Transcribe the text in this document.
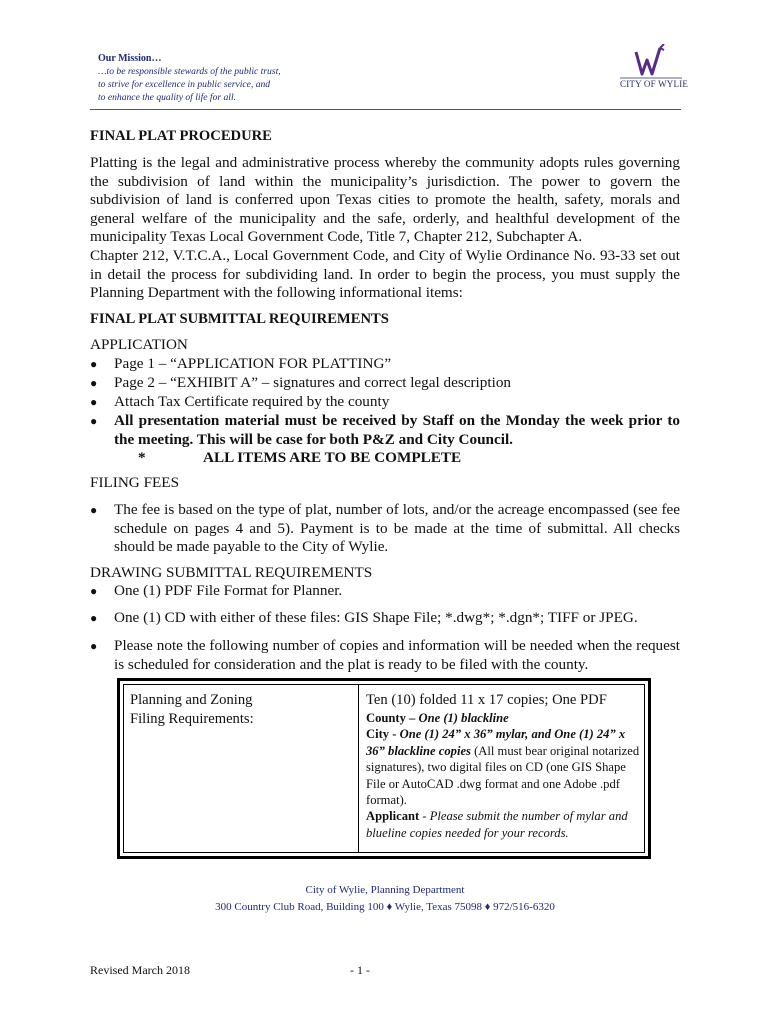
Our Mission…
…to be responsible stewards of the public trust,
to strive for excellence in public service, and
to enhance the quality of life for all.
CITY OF WYLIE
FINAL PLAT PROCEDURE
Platting is the legal and administrative process whereby the community adopts rules governing the subdivision of land within the municipality’s jurisdiction. The power to govern the subdivision of land is conferred upon Texas cities to promote the health, safety, morals and general welfare of the municipality and the safe, orderly, and healthful development of the municipality Texas Local Government Code, Title 7, Chapter 212, Subchapter A.
Chapter 212, V.T.C.A., Local Government Code, and City of Wylie Ordinance No. 93-33 set out in detail the process for subdividing land. In order to begin the process, you must supply the Planning Department with the following informational items:
FINAL PLAT SUBMITTAL REQUIREMENTS
APPLICATION
●	Page 1 – “APPLICATION FOR PLATTING”
●	Page 2 – “EXHIBIT A” – signatures and correct legal description
●	Attach Tax Certificate required by the county
●	All presentation material must be received by Staff on the Monday the week prior to the meeting. This will be case for both P&Z and City Council.
*	ALL ITEMS ARE TO BE COMPLETE
FILING FEES
●	The fee is based on the type of plat, number of lots, and/or the acreage encompassed (see fee schedule on pages 4 and 5). Payment is to be made at the time of submittal. All checks should be made payable to the City of Wylie.
DRAWING SUBMITTAL REQUIREMENTS
●	One (1) PDF File Format for Planner.
●	One (1) CD with either of these files: GIS Shape File; *.dwg*; *.dgn*; TIFF or JPEG.
●	Please note the following number of copies and information will be needed when the request is scheduled for consideration and the plat is ready to be filed with the county.
Planning and Zoning
Filing Requirements:
Ten (10) folded 11 x 17 copies; One PDF
County – One (1) blackline
City - One (1) 24” x 36” mylar, and One (1) 24” x 36” blackline copies (All must bear original notarized signatures), two digital files on CD (one GIS Shape File or AutoCAD .dwg format and one Adobe .pdf format).
Applicant - Please submit the number of mylar and blueline copies needed for your records.
City of Wylie, Planning Department
300 Country Club Road, Building 100 ♦ Wylie, Texas 75098 ♦ 972/516-6320
Revised March 2018	- 1 -
